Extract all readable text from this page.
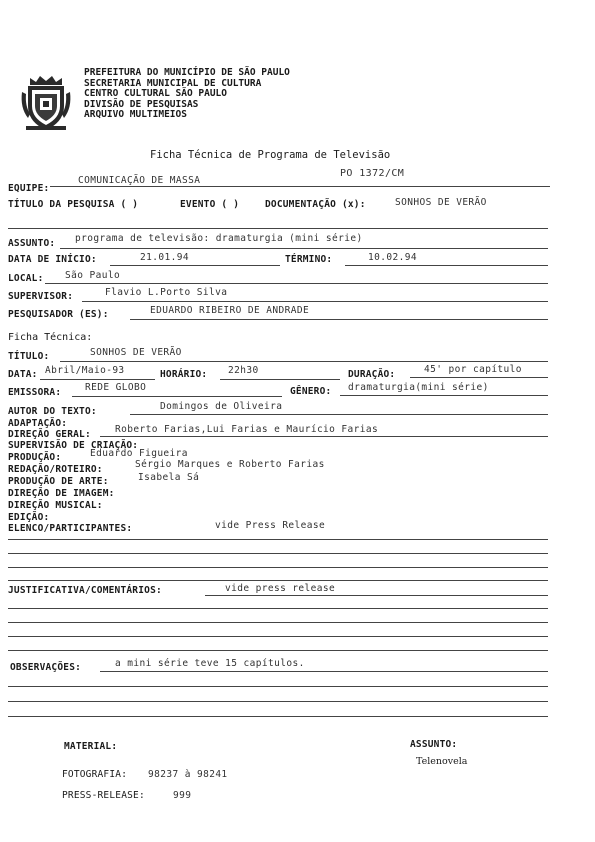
PREFEITURA DO MUNICÍPIO DE SÃO PAULO
SECRETARIA MUNICIPAL DE CULTURA
CENTRO CULTURAL SÃO PAULO
DIVISÃO DE PESQUISAS
ARQUIVO MULTIMEIOS
Ficha Técnica de Programa de Televisão
PO 1372/CM
EQUIPE:
COMUNICAÇÃO DE MASSA
TÍTULO DA PESQUISA ( )	EVENTO ( )	DOCUMENTAÇÃO (x):	SONHOS DE VERÃO
ASSUNTO: programa de televisão: dramaturgia (mini série)
DATA DE INÍCIO:	21.01.94	TÉRMINO:	10.02.94
LOCAL: São Paulo
SUPERVISOR:	Flavio L.Porto Silva
PESQUISADOR (ES):	EDUARDO RIBEIRO DE ANDRADE
Ficha Técnica:
TÍTULO:	SONHOS DE VERÃO
DATA: Abril/Maio-93	HORÁRIO: 22h30	DURAÇÃO:	45' por capítulo
EMISSORA: REDE GLOBO	GÊNERO: dramaturgia(mini série)
AUTOR DO TEXTO:	Domingos de Oliveira
ADAPTAÇÃO:
DIREÇÃO GERAL:	Roberto Farias,Lui Farias e Maurício Farias
SUPERVISÃO DE CRIAÇÃO:
PRODUÇÃO:	Eduardo Figueira
REDAÇÃO/ROTEIRO:	Sérgio Marques e Roberto Farias
PRODUÇÃO DE ARTE:	Isabela Sá
DIREÇÃO DE IMAGEM:
DIREÇÃO MUSICAL:
EDIÇÃO:
ELENCO/PARTICIPANTES:	vide Press Release
JUSTIFICATIVA/COMENTÁRIOS:	vide press release
OBSERVAÇÕES:	a mini série teve 15 capítulos.
MATERIAL:
FOTOGRAFIA: 98237 à 98241
PRESS-RELEASE:	999
ASSUNTO:
Telenovela
